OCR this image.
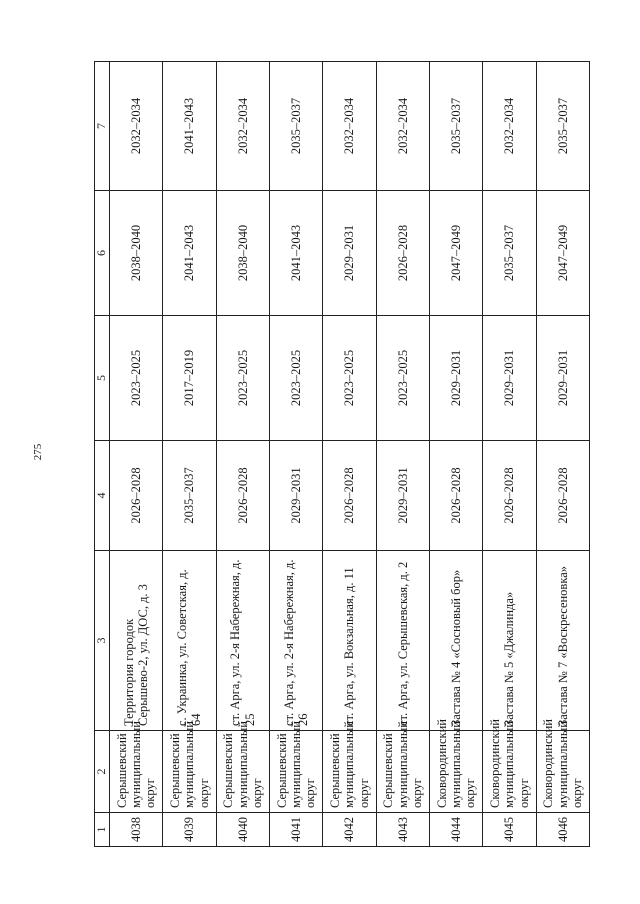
275
1	2	3	4	5	6	7
4038	Серышевский муниципальный округ	Территория городок Серышево-2, ул. ДОС, д. 3	2026–2028	2023–2025	2038–2040	2032–2034
4039	Серышевский муниципальный округ	с. Украинка, ул. Советская, д. 64	2035–2037	2017–2019	2041–2043	2041–2043
4040	Серышевский муниципальный округ	ст. Арга, ул. 2-я Набережная, д. 25	2026–2028	2023–2025	2038–2040	2032–2034
4041	Серышевский муниципальный округ	ст. Арга, ул. 2-я Набережная, д. 26	2029–2031	2023–2025	2041–2043	2035–2037
4042	Серышевский муниципальный округ	ст. Арга, ул. Вокзальная, д. 11	2026–2028	2023–2025	2029–2031	2032–2034
4043	Серышевский муниципальный округ	ст. Арга, ул. Серышевская, д. 2	2029–2031	2023–2025	2026–2028	2032–2034
4044	Сковородинский муниципальный округ	Застава № 4 «Сосновый бор»	2026–2028	2029–2031	2047–2049	2035–2037
4045	Сковородинский муниципальный округ	Застава № 5 «Джалинда»	2026–2028	2029–2031	2035–2037	2032–2034
4046	Сковородинский муниципальный округ	Застава № 7 «Воскресеновка»	2026–2028	2029–2031	2047–2049	2035–2037
